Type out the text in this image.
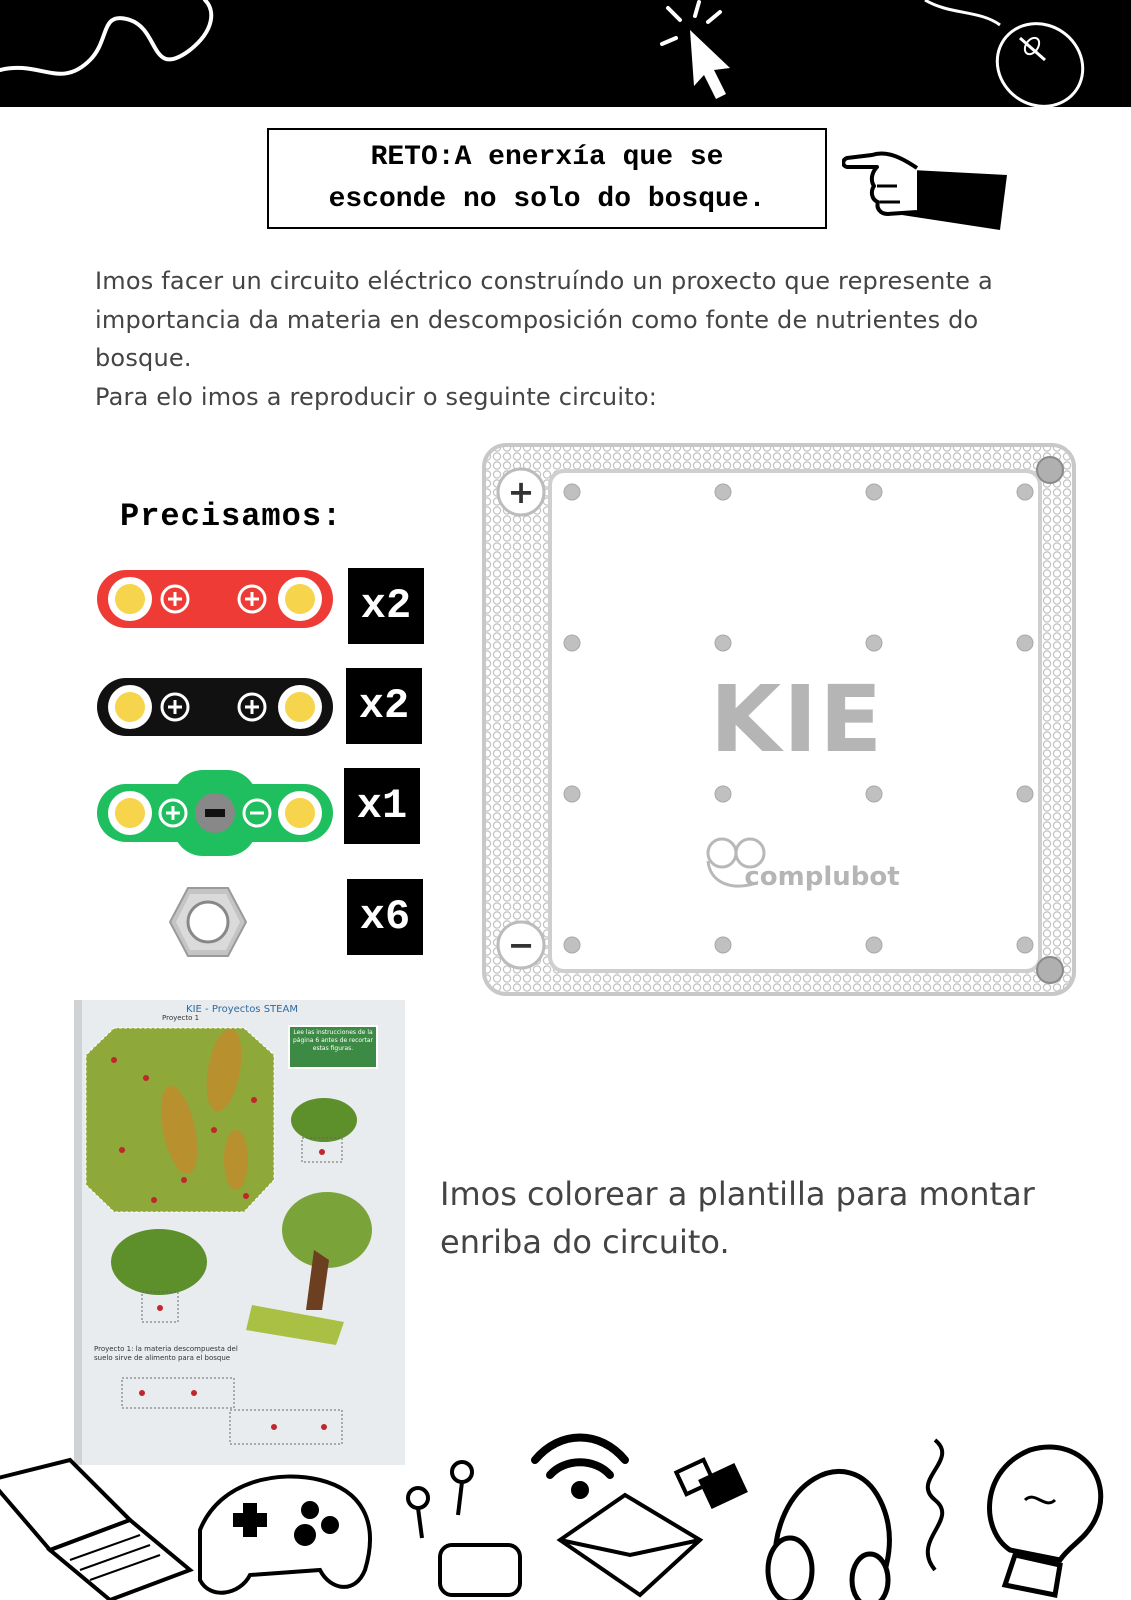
RETO:A enerxía que se
esconde no solo do bosque.

Imos facer un circuito eléctrico construíndo un proxecto que represente a importancia da materia en descomposición como fonte de nutrientes do bosque.

Para elo imos a reproducir o seguinte circuito:

Precisamos:
x2
x2
x1
x6
+
−
KIE
complubot
KIE - Proyectos STEAM
Proyecto 1
Lee las instrucciones de la página 6 antes de recortar estas figuras.
Proyecto 1: la materia descompuesta del suelo sirve de alimento para el bosque
Imos colorear a plantilla para montar enriba do circuito.
